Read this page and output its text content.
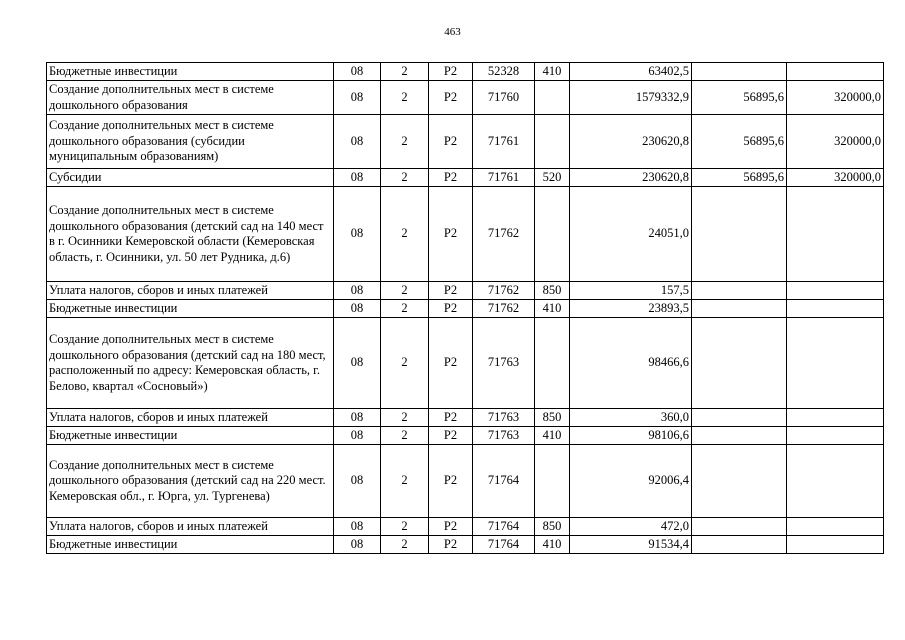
463
Бюджетные инвестиции	08	2	P2	52328	410	63402,5		
Создание дополнительных мест в системе дошкольного образования	08	2	P2	71760		1579332,9	56895,6	320000,0
Создание дополнительных мест в системе дошкольного образования (субсидии муниципальным образованиям)	08	2	P2	71761		230620,8	56895,6	320000,0
Субсидии	08	2	P2	71761	520	230620,8	56895,6	320000,0
Создание дополнительных мест в системе дошкольного образования (детский сад на 140 мест в г. Осинники Кемеровской области (Кемеровская область, г. Осинники, ул. 50 лет Рудника, д.6)	08	2	P2	71762		24051,0		
Уплата налогов, сборов и иных платежей	08	2	P2	71762	850	157,5		
Бюджетные инвестиции	08	2	P2	71762	410	23893,5		
Создание дополнительных мест в системе дошкольного образования (детский сад на 180 мест, расположенный по адресу: Кемеровская область, г. Белово, квартал «Сосновый»)	08	2	P2	71763		98466,6		
Уплата налогов, сборов и иных платежей	08	2	P2	71763	850	360,0		
Бюджетные инвестиции	08	2	P2	71763	410	98106,6		
Создание дополнительных мест в системе дошкольного образования (детский сад на 220 мест. Кемеровская обл., г. Юрга, ул. Тургенева)	08	2	P2	71764		92006,4		
Уплата налогов, сборов и иных платежей	08	2	P2	71764	850	472,0		
Бюджетные инвестиции	08	2	P2	71764	410	91534,4		
